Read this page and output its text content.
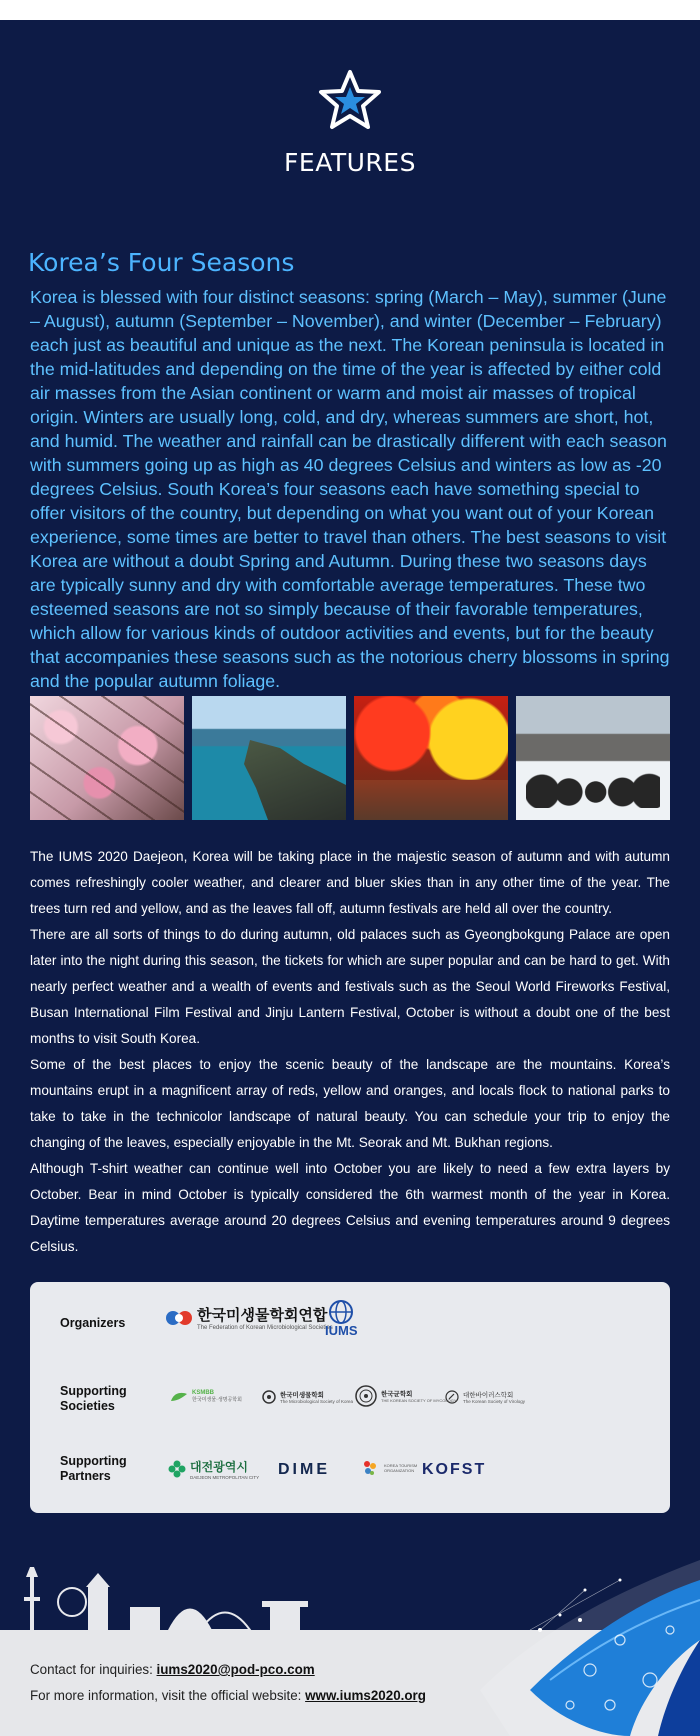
FEATURES
Korea’s Four Seasons
Korea is blessed with four distinct seasons: spring (March – May), summer (June – August), autumn (September – November), and winter (December – February) each just as beautiful and unique as the next. The Korean peninsula is located in the mid-latitudes and depending on the time of the year is affected by either cold air masses from the Asian continent or warm and moist air masses of tropical origin. Winters are usually long, cold, and dry, whereas summers are short, hot, and humid. The weather and rainfall can be drastically different with each season with summers going up as high as 40 degrees Celsius and winters as low as -20 degrees Celsius. South Korea’s four seasons each have something special to offer visitors of the country, but depending on what you want out of your Korean experience, some times are better to travel than others. The best seasons to visit Korea are without a doubt Spring and Autumn. During these two seasons days are typically sunny and dry with comfortable average temperatures. These two esteemed seasons are not so simply because of their favorable temperatures, which allow for various kinds of outdoor activities and events, but for the beauty that accompanies these seasons such as the notorious cherry blossoms in spring and the popular autumn foliage.

The IUMS 2020 Daejeon, Korea will be taking place in the majestic season of autumn and with autumn comes refreshingly cooler weather, and clearer and bluer skies than in any other time of the year. The trees turn red and yellow, and as the leaves fall off, autumn festivals are held all over the country.

There are all sorts of things to do during autumn, old palaces such as Gyeongbokgung Palace are open later into the night during this season, the tickets for which are super popular and can be hard to get. With nearly perfect weather and a wealth of events and festivals such as the Seoul World Fireworks Festival, Busan International Film Festival and Jinju Lantern Festival, October is without a doubt one of the best months to visit South Korea.

Some of the best places to enjoy the scenic beauty of the landscape are the mountains. Korea’s mountains erupt in a magnificent array of reds, yellow and oranges, and locals flock to national parks to take to take in the technicolor landscape of natural beauty. You can schedule your trip to enjoy the changing of the leaves, especially enjoyable in the Mt. Seorak and Mt. Bukhan regions.

Although T-shirt weather can continue well into October you are likely to need a few extra layers by October. Bear in mind October is typically considered the 6th warmest month of the year in Korea. Daytime temperatures average around 20 degrees Celsius and evening temperatures around 9 degrees Celsius.

Organizers	한국미생물학회연합
The Federation of Korean Microbiological Societies
IUMS
Supporting
Societies
KSMBB
한국미생물·생명공학회
한국미생물학회
The Microbiological Society of Korea
한국균학회
THE KOREAN SOCIETY OF MYCOLOGY
대한바이러스학회
The Korean Society of Virology
Supporting
Partners
대전광역시
DAEJEON METROPOLITAN CITY DIME	KOREA TOURISM ORGANIZATION KOFST
Contact for inquiries: iums2020@pod-pco.com
For more information, visit the official website: www.iums2020.org
